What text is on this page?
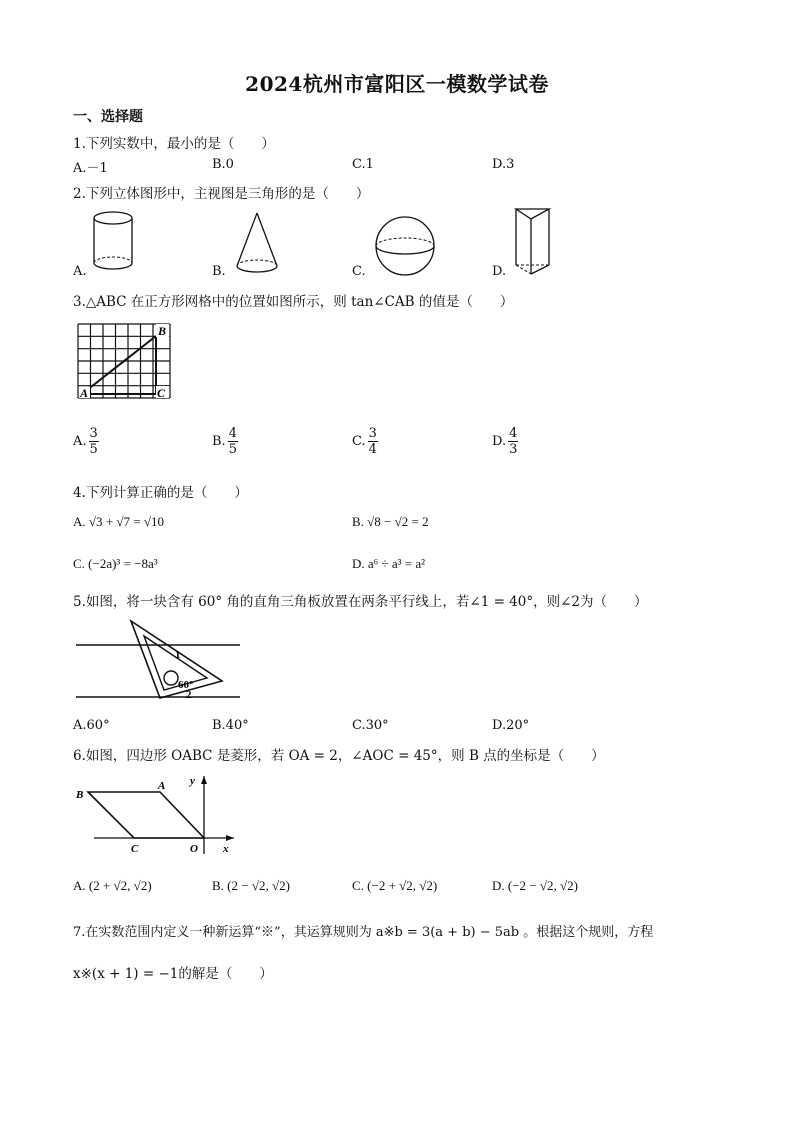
2024杭州市富阳区一模数学试卷
一、选择题
1.下列实数中，最小的是（　　）
A.－1	B.0	C.1	D.3
2.下列立体图形中，主视图是三角形的是（　　）
A.	B.	C.	D.
3.△ABC 在正方形网格中的位置如图所示，则 tan∠CAB 的值是（　　）
B
A	C
A. $\frac{3}{5}$	B. $\frac{4}{5}$	C. $\frac{3}{4}$	D. $\frac{4}{3}$
4.下列计算正确的是（　　）
A. √3 + √7 = √10	B. √8 − √2 = 2
C. (−2a)³ = −8a³	D. a⁶ ÷ a³ = a²
5.如图，将一块含有 60° 角的直角三角板放置在两条平行线上，若∠1 = 40°，则∠2为（　　）
1
60°
2
A.60°	B.40°	C.30°	D.20°
6.如图，四边形 OABC 是菱形，若 OA = 2，∠AOC = 45°，则 B 点的坐标是（　　）
B
A
C	O x
y
A. (2 + √2, √2)	B. (2 − √2, √2)	C. (−2 + √2, √2)	D. (−2 − √2, √2)
7.在实数范围内定义一种新运算“※”，其运算规则为 a※b = 3(a + b) − 5ab 。根据这个规则，方程
x※(x + 1) = −1的解是（　　）
